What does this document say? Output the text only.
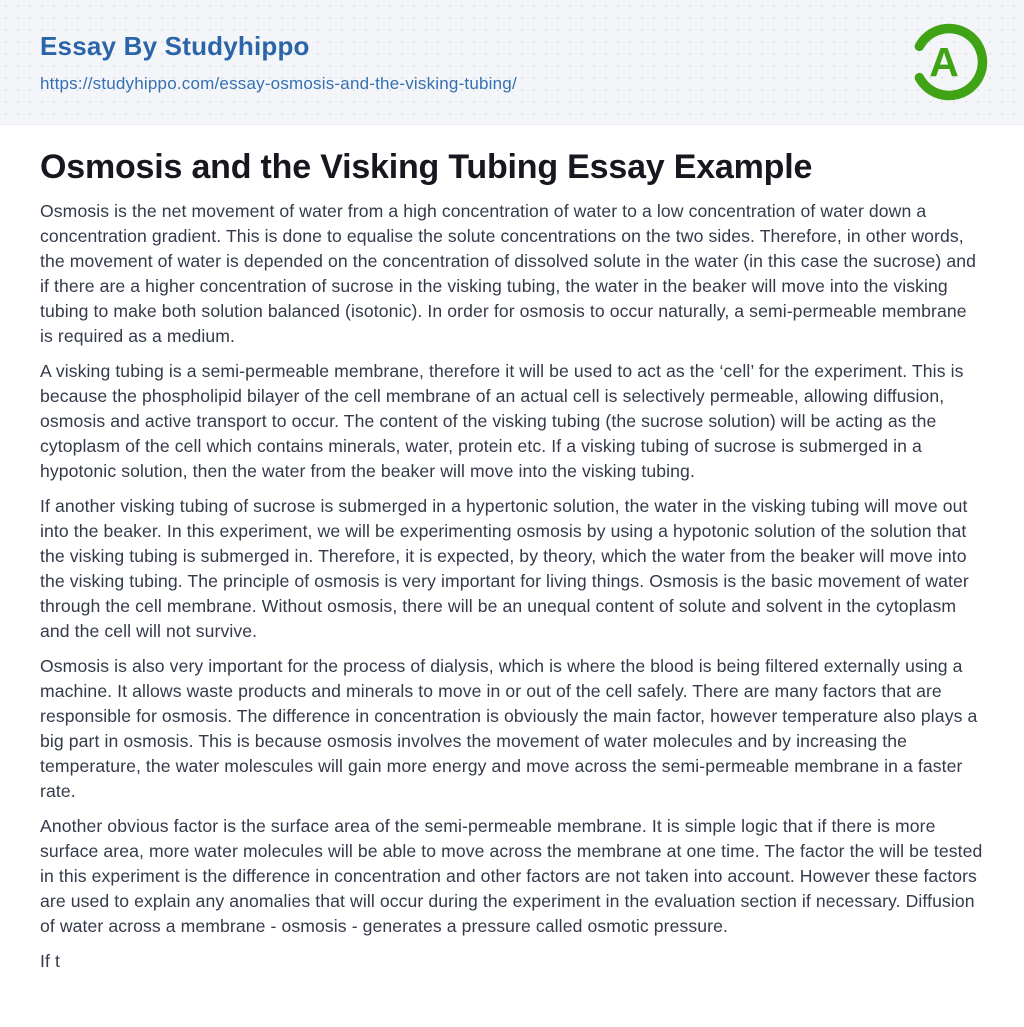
Essay By Studyhippo
https://studyhippo.com/essay-osmosis-and-the-visking-tubing/	A
Osmosis and the Visking Tubing Essay Example

Osmosis is the net movement of water from a high concentration of water to a low concentration of water down a concentration gradient. This is done to equalise the solute concentrations on the two sides. Therefore, in other words, the movement of water is depended on the concentration of dissolved solute in the water (in this case the sucrose) and if there are a higher concentration of sucrose in the visking tubing, the water in the beaker will move into the visking tubing to make both solution balanced (isotonic). In order for osmosis to occur naturally, a semi-permeable membrane is required as a medium.

A visking tubing is a semi-permeable membrane, therefore it will be used to act as the ‘cell’ for the experiment. This is because the phospholipid bilayer of the cell membrane of an actual cell is selectively permeable, allowing diffusion, osmosis and active transport to occur. The content of the visking tubing (the sucrose solution) will be acting as the cytoplasm of the cell which contains minerals, water, protein etc. If a visking tubing of sucrose is submerged in a hypotonic solution, then the water from the beaker will move into the visking tubing.

If another visking tubing of sucrose is submerged in a hypertonic solution, the water in the visking tubing will move out into the beaker. In this experiment, we will be experimenting osmosis by using a hypotonic solution of the solution that the visking tubing is submerged in. Therefore, it is expected, by theory, which the water from the beaker will move into the visking tubing. The principle of osmosis is very important for living things. Osmosis is the basic movement of water through the cell membrane. Without osmosis, there will be an unequal content of solute and solvent in the cytoplasm and the cell will not survive.

Osmosis is also very important for the process of dialysis, which is where the blood is being filtered externally using a machine. It allows waste products and minerals to move in or out of the cell safely. There are many factors that are responsible for osmosis. The difference in concentration is obviously the main factor, however temperature also plays a big part in osmosis. This is because osmosis involves the movement of water molecules and by increasing the temperature, the water molescules will gain more energy and move across the semi-permeable membrane in a faster rate.

Another obvious factor is the surface area of the semi-permeable membrane. It is simple logic that if there is more surface area, more water molecules will be able to move across the membrane at one time. The factor the will be tested in this experiment is the difference in concentration and other factors are not taken into account. However these factors are used to explain any anomalies that will occur during the experiment in the evaluation section if necessary. Diffusion of water across a membrane - osmosis - generates a pressure called osmotic pressure.

If t
